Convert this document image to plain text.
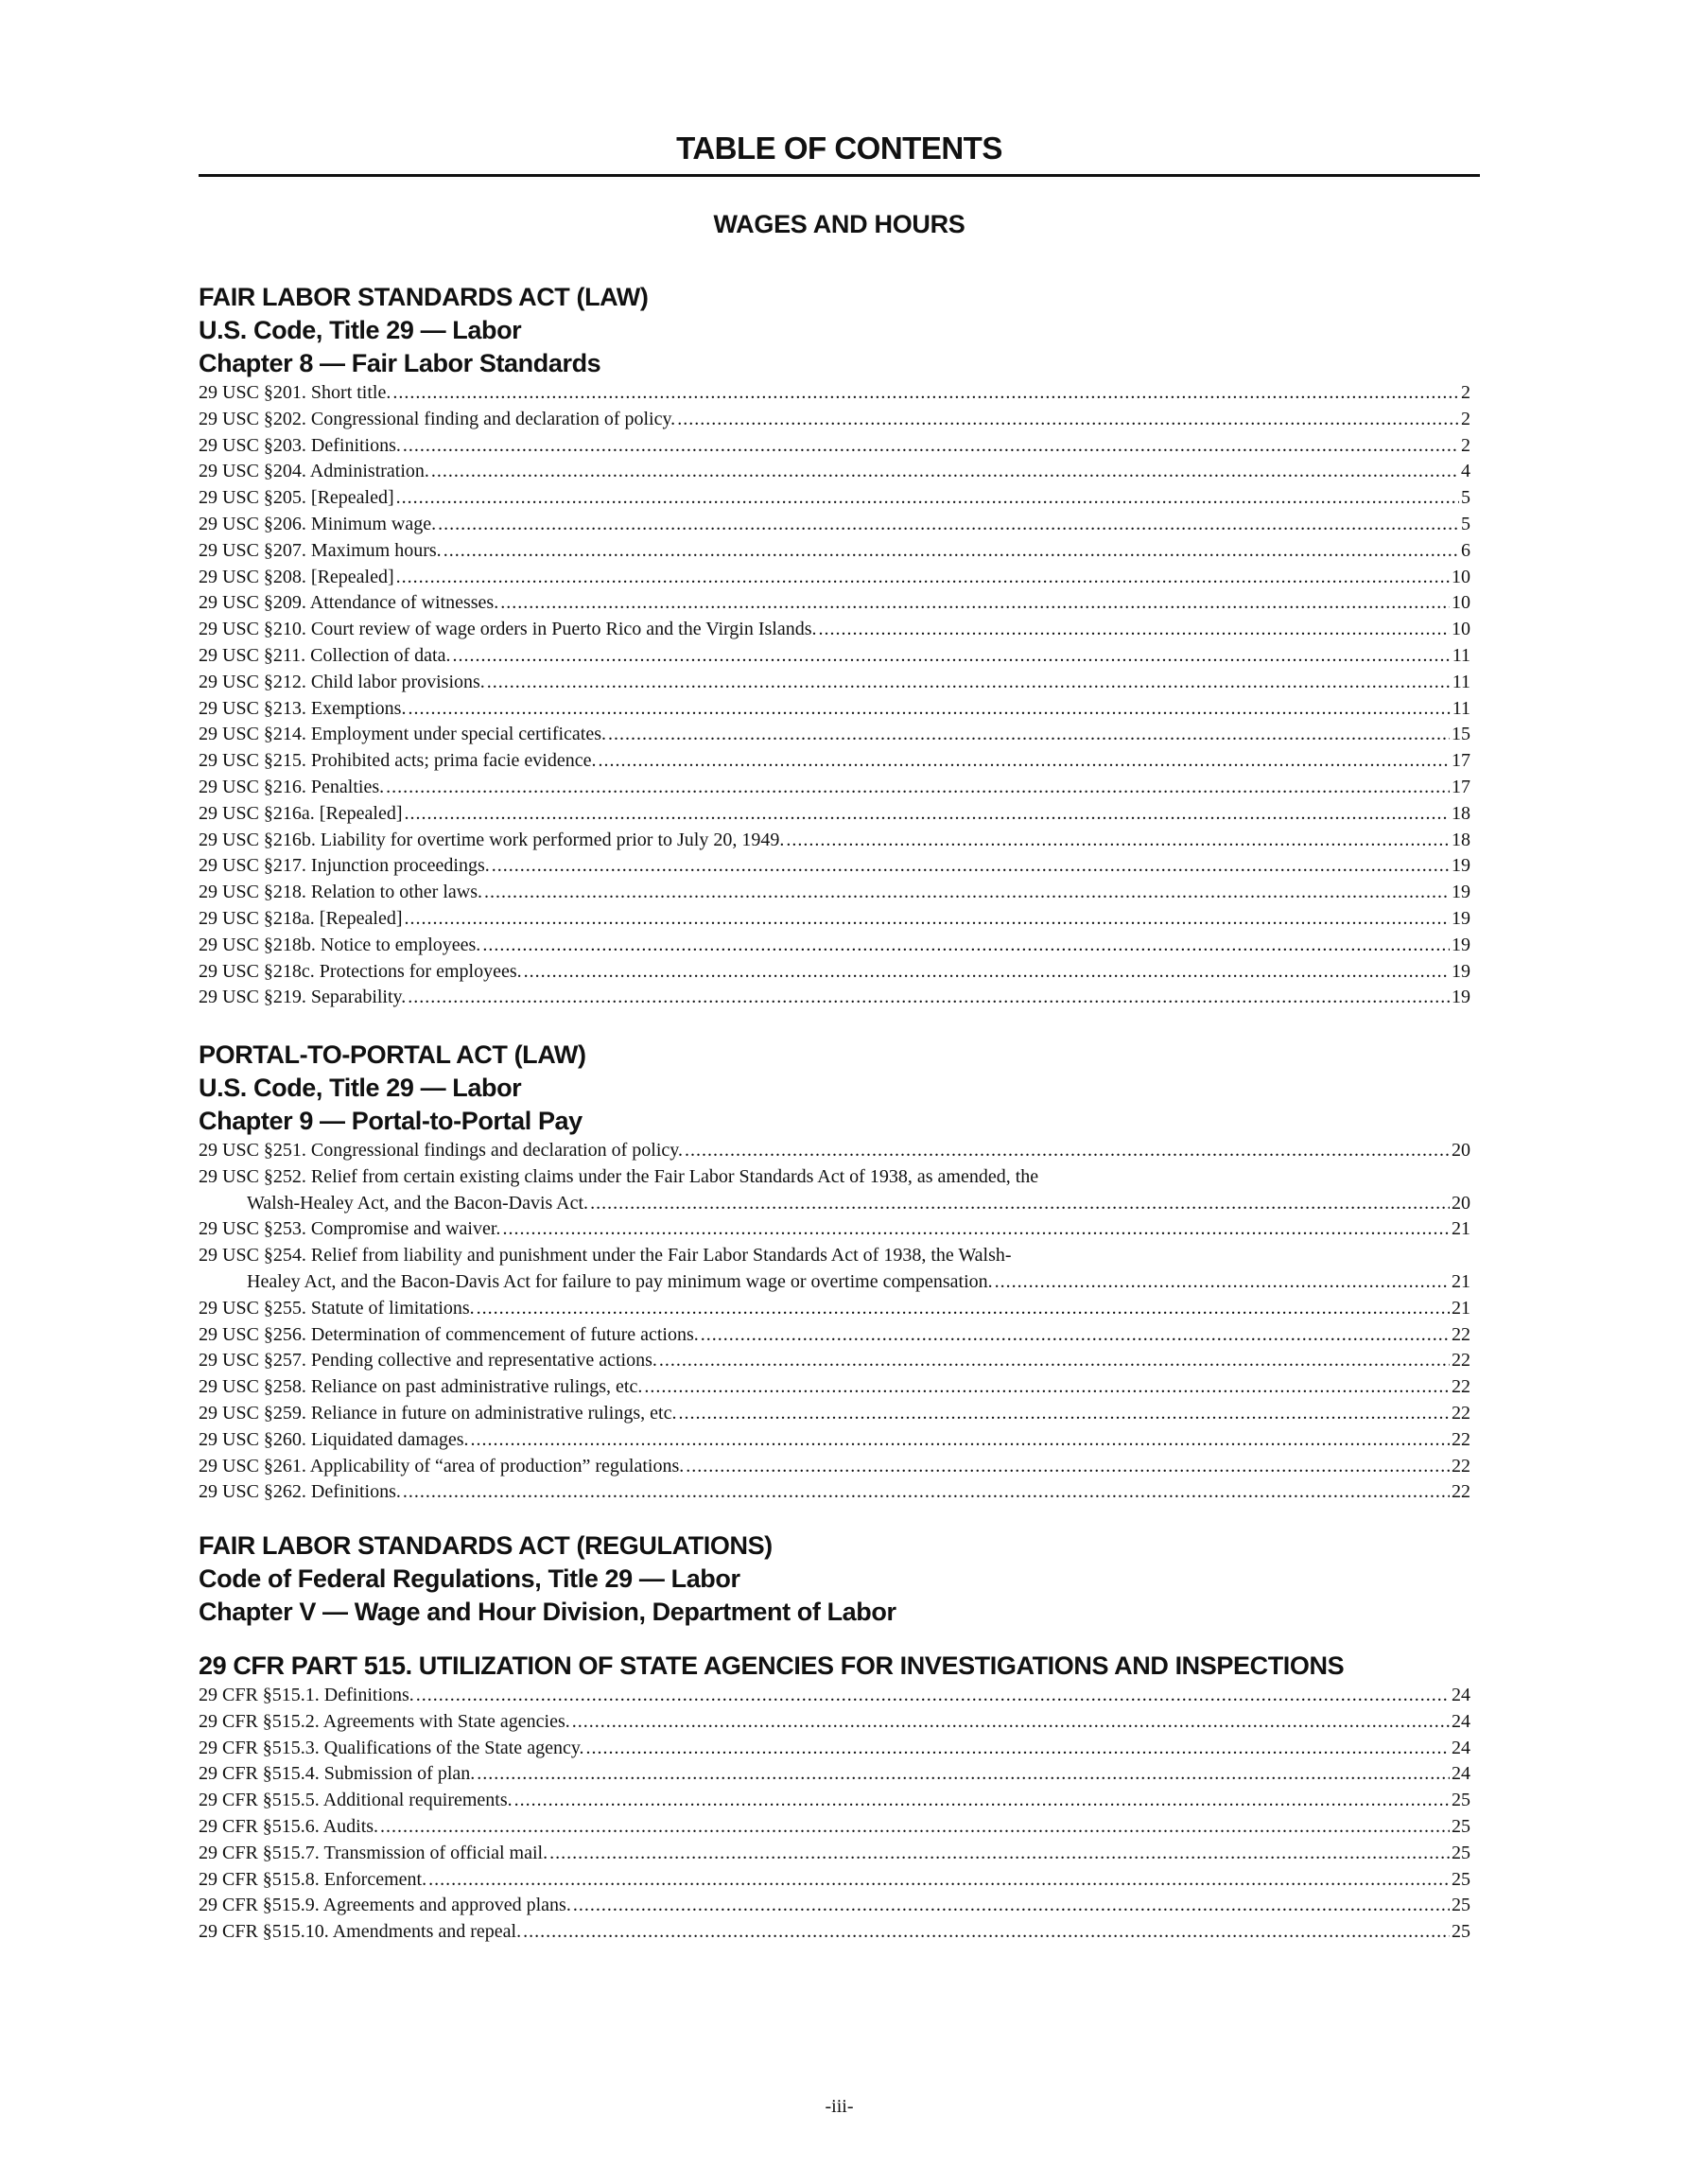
TABLE OF CONTENTS
WAGES AND HOURS
FAIR LABOR STANDARDS ACT (LAW)
U.S. Code, Title 29 — Labor
Chapter 8 — Fair Labor Standards
29 USC §201. Short title. .....	2
29 USC §202. Congressional finding and declaration of policy. .....	2
29 USC §203. Definitions. .....	2
29 USC §204. Administration. .....	4
29 USC §205. [Repealed] .....	5
29 USC §206. Minimum wage. .....	5
29 USC §207. Maximum hours. .....	6
29 USC §208. [Repealed] .....	10
29 USC §209. Attendance of witnesses. .....	10
29 USC §210. Court review of wage orders in Puerto Rico and the Virgin Islands. .....	10
29 USC §211. Collection of data. .....	11
29 USC §212. Child labor provisions. .....	11
29 USC §213. Exemptions. .....	11
29 USC §214. Employment under special certificates. .....	15
29 USC §215. Prohibited acts; prima facie evidence. .....	17
29 USC §216. Penalties. .....	17
29 USC §216a. [Repealed] .....	18
29 USC §216b. Liability for overtime work performed prior to July 20, 1949. .....	18
29 USC §217. Injunction proceedings. .....	19
29 USC §218. Relation to other laws. .....	19
29 USC §218a. [Repealed] .....	19
29 USC §218b. Notice to employees. .....	19
29 USC §218c. Protections for employees. .....	19
29 USC §219. Separability. .....	19
PORTAL-TO-PORTAL ACT (LAW)
U.S. Code, Title 29 — Labor
Chapter 9 — Portal-to-Portal Pay
29 USC §251. Congressional findings and declaration of policy. .....	20
29 USC §252. Relief from certain existing claims under the Fair Labor Standards Act of 1938, as amended, the
Walsh-Healey Act, and the Bacon-Davis Act. .....	20
29 USC §253. Compromise and waiver. .....	21
29 USC §254. Relief from liability and punishment under the Fair Labor Standards Act of 1938, the Walsh-
Healey Act, and the Bacon-Davis Act for failure to pay minimum wage or overtime compensation. .....	21
29 USC §255. Statute of limitations. .....	21
29 USC §256. Determination of commencement of future actions. .....	22
29 USC §257. Pending collective and representative actions. .....	22
29 USC §258. Reliance on past administrative rulings, etc. .....	22
29 USC §259. Reliance in future on administrative rulings, etc. .....	22
29 USC §260. Liquidated damages. .....	22
29 USC §261. Applicability of “area of production” regulations. .....	22
29 USC §262. Definitions. .....	22
FAIR LABOR STANDARDS ACT (REGULATIONS)
Code of Federal Regulations, Title 29 — Labor
Chapter V — Wage and Hour Division, Department of Labor
29 CFR PART 515. UTILIZATION OF STATE AGENCIES FOR INVESTIGATIONS AND INSPECTIONS
29 CFR §515.1. Definitions. .....	24
29 CFR §515.2. Agreements with State agencies. .....	24
29 CFR §515.3. Qualifications of the State agency. .....	24
29 CFR §515.4. Submission of plan. .....	24
29 CFR §515.5. Additional requirements. .....	25
29 CFR §515.6. Audits. .....	25
29 CFR §515.7. Transmission of official mail. .....	25
29 CFR §515.8. Enforcement. .....	25
29 CFR §515.9. Agreements and approved plans. .....	25
29 CFR §515.10. Amendments and repeal. .....	25
-iii-
